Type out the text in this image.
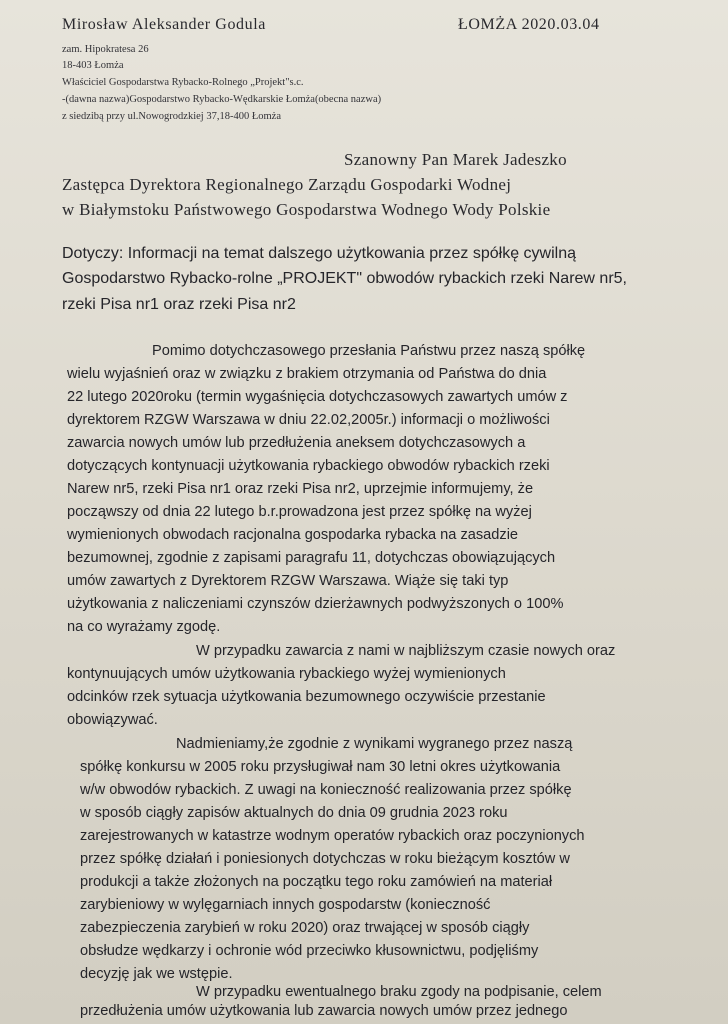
Mirosław Aleksander Godula	ŁOMŻA 2020.03.04
zam. Hipokratesa 26
18-403 Łomża
Właściciel Gospodarstwa Rybacko-Rolnego „Projekt"s.c.
-(dawna nazwa)Gospodarstwo Rybacko-Wędkarskie Łomża(obecna nazwa)
z siedzibą przy ul.Nowogrodzkiej 37,18-400 Łomża
Szanowny Pan Marek Jadeszko
Zastępca Dyrektora Regionalnego Zarządu Gospodarki Wodnej
w Białymstoku Państwowego Gospodarstwa Wodnego Wody Polskie
Dotyczy: Informacji na temat dalszego użytkowania przez spółkę cywilną
Gospodarstwo Rybacko-rolne „PROJEKT" obwodów rybackich rzeki Narew nr5,
rzeki Pisa nr1 oraz rzeki Pisa nr2
Pomimo dotychczasowego przesłania Państwu przez naszą spółkę
wielu wyjaśnień oraz w związku z brakiem otrzymania od Państwa do dnia
22 lutego 2020roku (termin wygaśnięcia dotychczasowych zawartych umów z
dyrektorem RZGW Warszawa w dniu 22.02,2005r.) informacji o możliwości
zawarcia nowych umów lub przedłużenia aneksem dotychczasowych a
dotyczących kontynuacji użytkowania rybackiego obwodów rybackich rzeki
Narew nr5, rzeki Pisa nr1 oraz rzeki Pisa nr2, uprzejmie informujemy, że
począwszy od dnia 22 lutego b.r.prowadzona jest przez spółkę na wyżej
wymienionych obwodach racjonalna gospodarka rybacka na zasadzie
bezumownej, zgodnie z zapisami paragrafu 11, dotychczas obowiązujących
umów zawartych z Dyrektorem RZGW Warszawa. Wiąże się taki typ
użytkowania z naliczeniami czynszów dzierżawnych podwyższonych o 100%
na co wyrażamy zgodę.
W przypadku zawarcia z nami w najbliższym czasie nowych oraz
kontynuujących umów użytkowania rybackiego wyżej wymienionych
odcinków rzek sytuacja użytkowania bezumownego oczywiście przestanie
obowiązywać.
Nadmieniamy,że zgodnie z wynikami wygranego przez naszą
spółkę konkursu w 2005 roku przysługiwał nam 30 letni okres użytkowania
w/w obwodów rybackich. Z uwagi na konieczność realizowania przez spółkę
w sposób ciągły zapisów aktualnych do dnia 09 grudnia 2023 roku
zarejestrowanych w katastrze wodnym operatów rybackich oraz poczynionych
przez spółkę działań i poniesionych dotychczas w roku bieżącym kosztów w
produkcji a także złożonych na początku tego roku zamówień na materiał
zarybieniowy w wylęgarniach innych gospodarstw (konieczność
zabezpieczenia zarybień w roku 2020) oraz trwającej w sposób ciągły
obsłudze wędkarzy i ochronie wód przeciwko kłusownictwu, podjęliśmy
decyzję jak we wstępie.
W przypadku ewentualnego braku zgody na podpisanie, celem
przedłużenia umów użytkowania lub zawarcia nowych umów przez jednego
